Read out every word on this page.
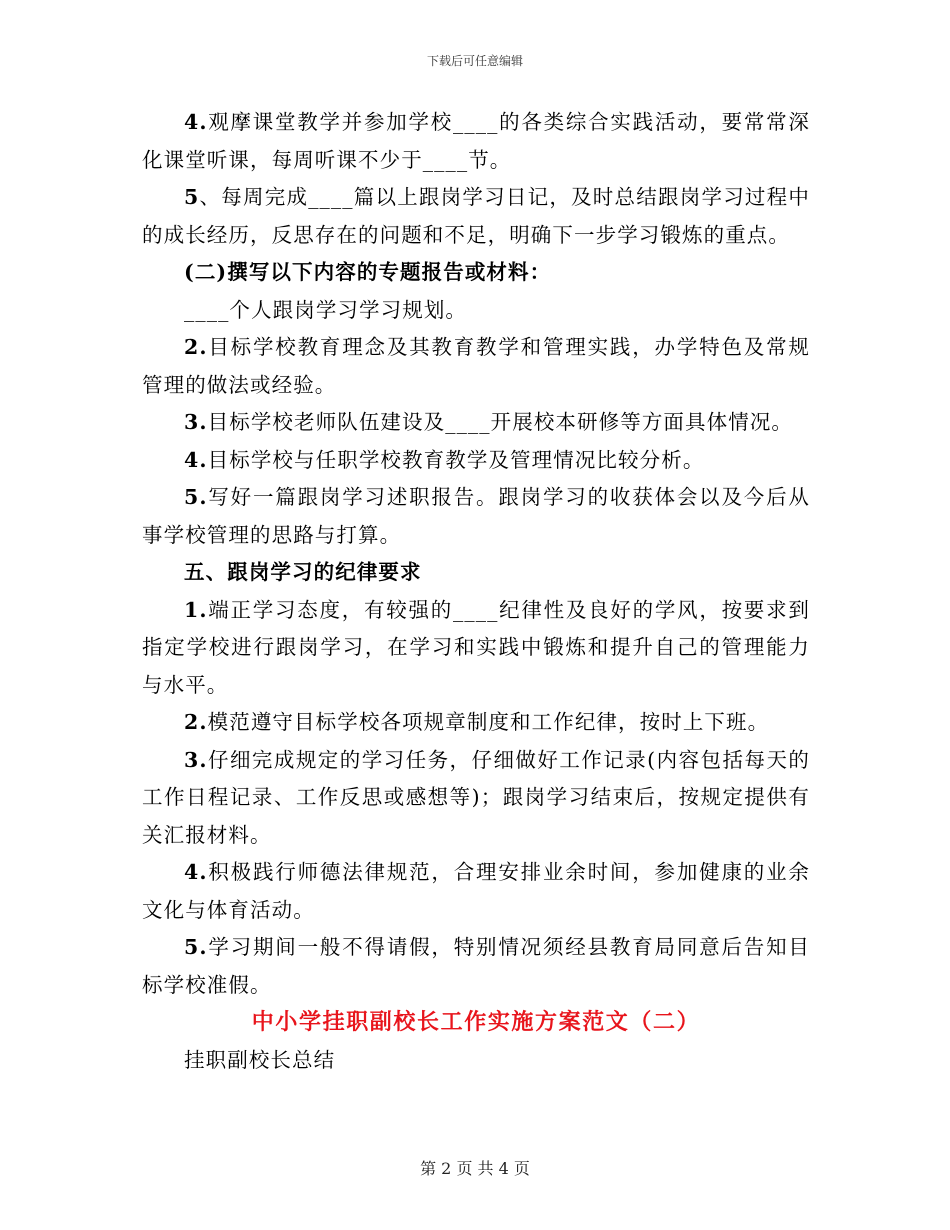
下载后可任意编辑

4.观摩课堂教学并参加学校____的各类综合实践活动，要常常深化课堂听课，每周听课不少于____节。

5、每周完成____篇以上跟岗学习日记，及时总结跟岗学习过程中的成长经历，反思存在的问题和不足，明确下一步学习锻炼的重点。

(二)撰写以下内容的专题报告或材料：

____个人跟岗学习学习规划。

2.目标学校教育理念及其教育教学和管理实践，办学特色及常规管理的做法或经验。

3.目标学校老师队伍建设及____开展校本研修等方面具体情况。

4.目标学校与任职学校教育教学及管理情况比较分析。

5.写好一篇跟岗学习述职报告。跟岗学习的收获体会以及今后从事学校管理的思路与打算。

五、跟岗学习的纪律要求

1.端正学习态度，有较强的____纪律性及良好的学风，按要求到指定学校进行跟岗学习，在学习和实践中锻炼和提升自己的管理能力与水平。

2.模范遵守目标学校各项规章制度和工作纪律，按时上下班。

3.仔细完成规定的学习任务，仔细做好工作记录(内容包括每天的工作日程记录、工作反思或感想等)；跟岗学习结束后，按规定提供有关汇报材料。

4.积极践行师德法律规范，合理安排业余时间，参加健康的业余文化与体育活动。

5.学习期间一般不得请假，特别情况须经县教育局同意后告知目标学校准假。

中小学挂职副校长工作实施方案范文（二）

挂职副校长总结

第 2 页 共 4 页
